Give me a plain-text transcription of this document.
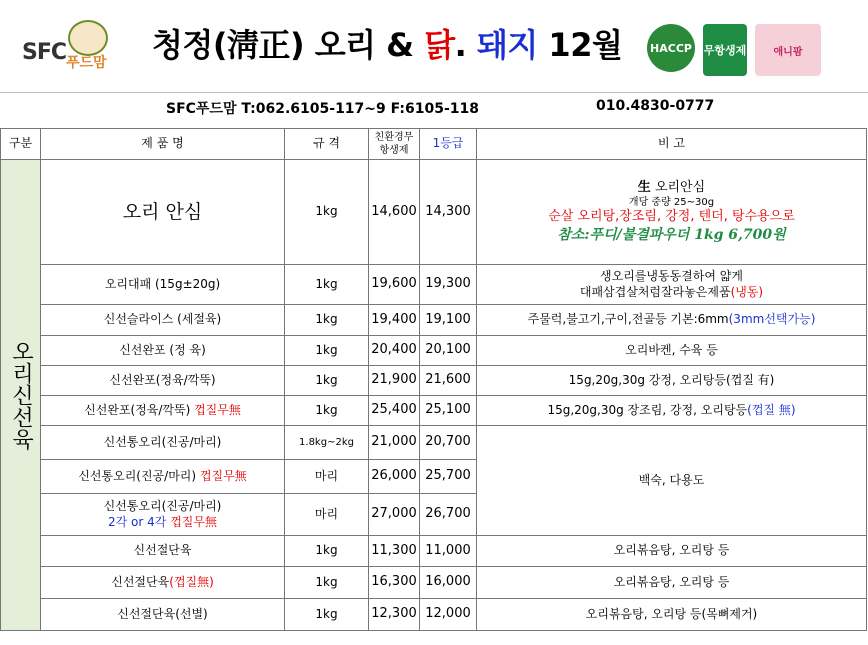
SFC 푸드맘 청정(淸正) 오리 & 닭. 돼지 12월	HACCP 무항생제	애니팜
SFC푸드맘 T:062.6105-117~9 F:6105-118	010.4830-0777
구분	제 품 명	규 격	친환경무항생제	1등급	비 고
오리신선육	오리 안심	1kg	14,600	14,300	生 오리안심
개당 중량 25~30g
순살 오리탕,장조림, 강정, 텐더, 탕수용으로
참소:푸디/불결파우더 1kg 6,700원

	오리대패 (15g±20g)	1kg	19,600	19,300	생오리를냉동동결하여 얇게
대패삼겹살처럼잘라놓은제품(냉동)

	신선슬라이스 (세절육)	1kg	19,400	19,100	주물럭,불고기,구이,전골등 기본:6mm(3mm선택가능)
	신선완포 (정 육)	1kg	20,400	20,100	오리바켄, 수육 등
	신선완포(정육/깍뚝)	1kg	21,900	21,600	15g,20g,30g 강정, 오리탕등(껍질 有)
	신선완포(정육/깍뚝) 껍질무無	1kg	25,400	25,100	15g,20g,30g 장조림, 강정, 오리탕등(껍질 無)
	신선통오리(진공/마리)	1.8kg~2kg	21,000	20,700	백숙, 다용도
	신선통오리(진공/마리) 껍질무無	마리	26,000	25,700	

	신선통오리(진공/마리)
2각 or 4각 껍질무無	마리	27,000	26,700	
	신선절단육	1kg	11,300	11,000	오리볶음탕, 오리탕 등
	신선절단육(껍질無)	1kg	16,300	16,000	오리볶음탕, 오리탕 등
	신선절단육(선별)	1kg	12,300	12,000	오리볶음탕, 오리탕 등(목뼈제거)
